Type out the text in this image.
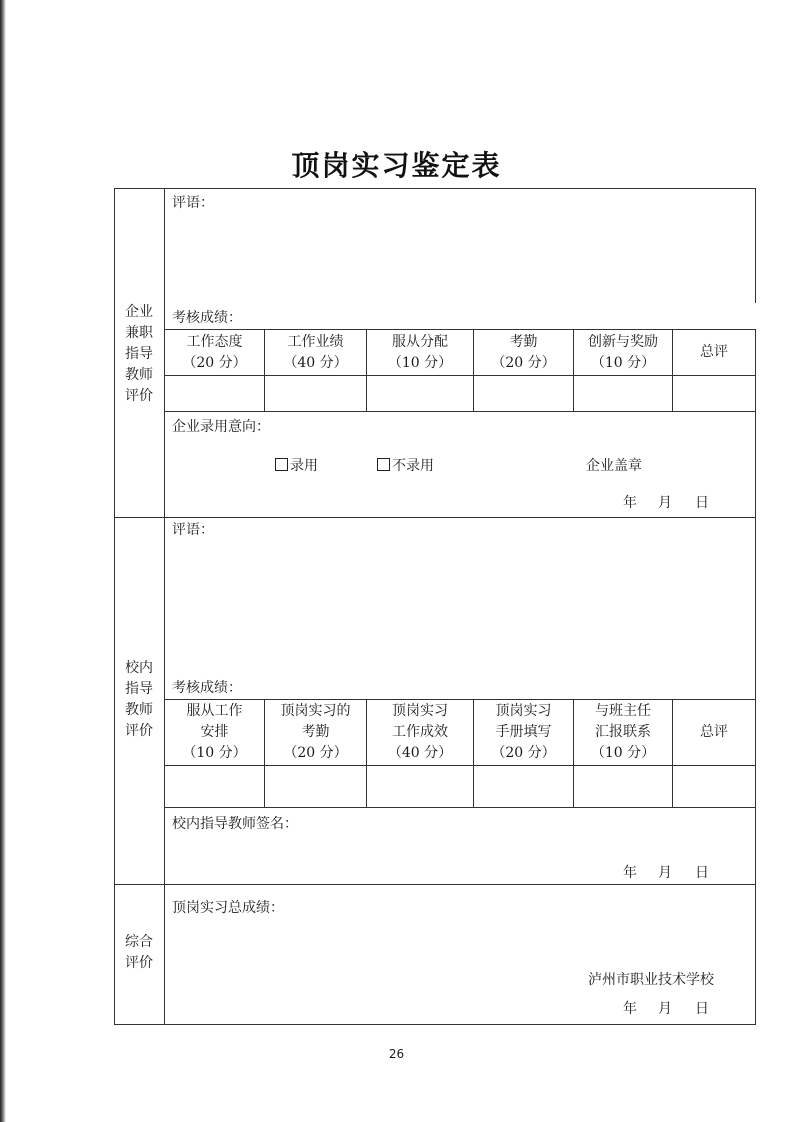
顶岗实习鉴定表
企业
兼职
指导
教师
评价
评语：
考核成绩：
工作态度
（20 分）
工作业绩
（40 分）
服从分配
（10 分）
考勤
（20 分）
创新与奖励
（10 分）
总评
企业录用意向：
录用	不录用	企业盖章
年 月 日
校内
指导
教师
评价
评语：
考核成绩：
服从工作
安排
（10 分）
顶岗实习的
考勤
（20 分）
顶岗实习
工作成效
（40 分）
顶岗实习
手册填写
（20 分）
与班主任
汇报联系
（10 分）
总评
校内指导教师签名：
年 月 日
综合
评价
顶岗实习总成绩：
泸州市职业技术学校
年 月 日
26
